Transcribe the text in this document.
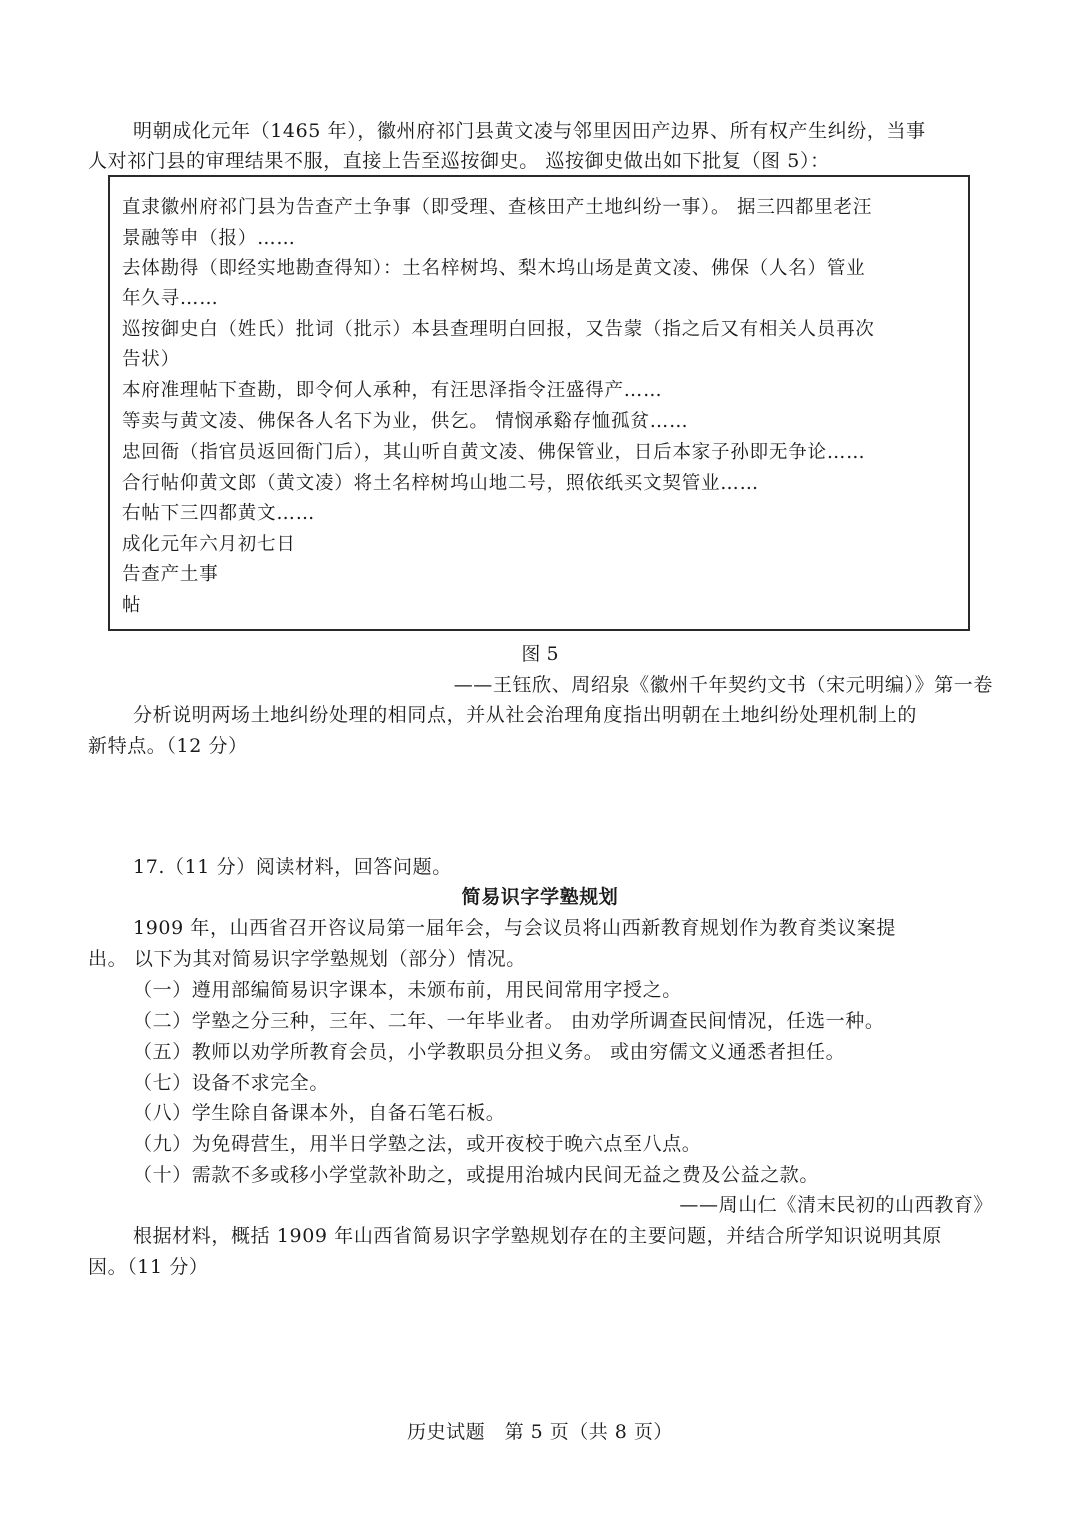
明朝成化元年（1465 年），徽州府祁门县黄文凌与邻里因田产边界、所有权产生纠纷，当事
人对祁门县的审理结果不服，直接上告至巡按御史。 巡按御史做出如下批复（图 5）：
直隶徽州府祁门县为告查产土争事（即受理、查核田产土地纠纷一事）。 据三四都里老汪
景融等申（报）……
去体勘得（即经实地勘查得知）：土名梓树坞、梨木坞山场是黄文凌、佛保（人名）管业
年久寻……
巡按御史白（姓氏）批词（批示）本县查理明白回报，又告蒙（指之后又有相关人员再次
告状）
本府准理帖下查勘，即令何人承种，有汪思泽指令汪盛得产……
等卖与黄文凌、佛保各人名下为业，供乞。 情悯承谿存恤孤贫……
忠回衙（指官员返回衙门后），其山听自黄文凌、佛保管业，日后本家子孙即无争论……
合行帖仰黄文郎（黄文凌）将土名梓树坞山地二号，照依纸买文契管业……
右帖下三四都黄文……
成化元年六月初七日
告查产土事
帖
图 5
——王钰欣、周绍泉《徽州千年契约文书（宋元明编）》第一卷
分析说明两场土地纠纷处理的相同点，并从社会治理角度指出明朝在土地纠纷处理机制上的
新特点。（12 分）
17.（11 分）阅读材料，回答问题。
简易识字学塾规划
1909 年，山西省召开咨议局第一届年会，与会议员将山西新教育规划作为教育类议案提
出。 以下为其对简易识字学塾规划（部分）情况。
（一）遵用部编简易识字课本，未颁布前，用民间常用字授之。
（二）学塾之分三种，三年、二年、一年毕业者。 由劝学所调查民间情况，任选一种。
（五）教师以劝学所教育会员，小学教职员分担义务。 或由穷儒文义通悉者担任。
（七）设备不求完全。
（八）学生除自备课本外，自备石笔石板。
（九）为免碍营生，用半日学塾之法，或开夜校于晚六点至八点。
（十）需款不多或移小学堂款补助之，或提用治城内民间无益之费及公益之款。
——周山仁《清末民初的山西教育》
根据材料，概括 1909 年山西省简易识字学塾规划存在的主要问题，并结合所学知识说明其原
因。（11 分）
历史试题　第 5 页（共 8 页）
